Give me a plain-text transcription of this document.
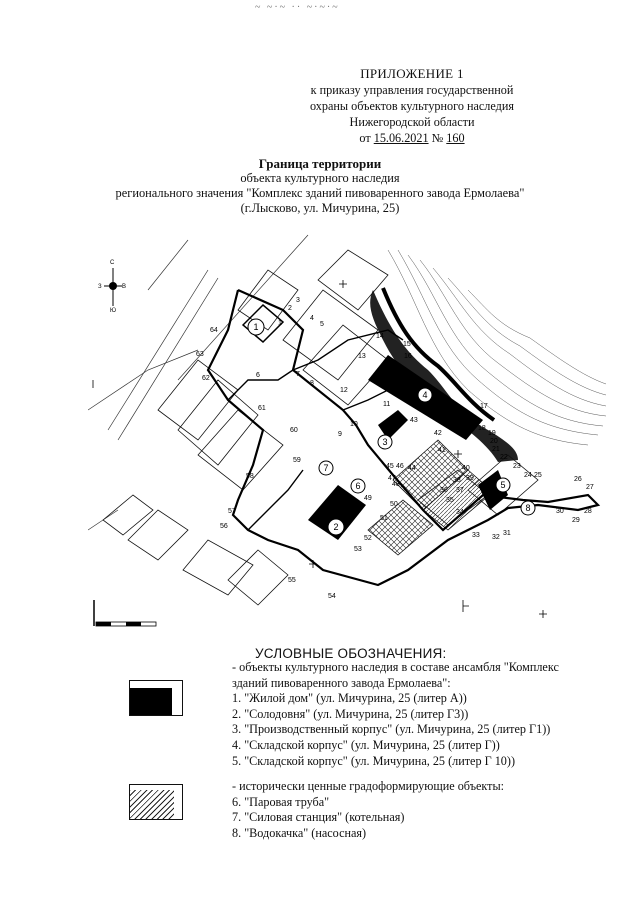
~ ~·~ ·· ~·~·~
ПРИЛОЖЕНИЕ 1
к приказу управления государственной
охраны объектов культурного наследия
Нижегородской области
от 15.06.2021 № 160
Граница территории
объекта культурного наследия
регионального значения "Комплекс зданий пивоваренного завода Ермолаева"
(г.Лысково, ул. Мичурина, 25)
С
Ю
З	В
1
2
3
4
5
6
7
8
1
2
3
4
5
6	7
8
9
10
11
12
13
14
15
16
17
18
19
20
21
22
23
24 25
26
27
28
29
30
31
32
33
34
35
36 37
38 39
40
41
42
43
44
45 46
47
48
49
50
51
52
53
54
55
56
57
58
59
60
61
62
63
64
УСЛОВНЫЕ ОБОЗНАЧЕНИЯ:
- объекты культурного наследия в составе ансамбля "Комплекс
зданий пивоваренного завода Ермолаева":
1. "Жилой дом" (ул. Мичурина, 25 (литер А))
2. "Солодовня" (ул. Мичурина, 25 (литер Г3))
3. "Производственный корпус" (ул. Мичурина, 25 (литер Г1))
4. "Складской корпус" (ул. Мичурина, 25 (литер Г))
5. "Складской корпус" (ул. Мичурина, 25 (литер Г 10))
- исторически ценные градоформирующие объекты:
6. "Паровая труба"
7. "Силовая станция" (котельная)
8. "Водокачка" (насосная)
